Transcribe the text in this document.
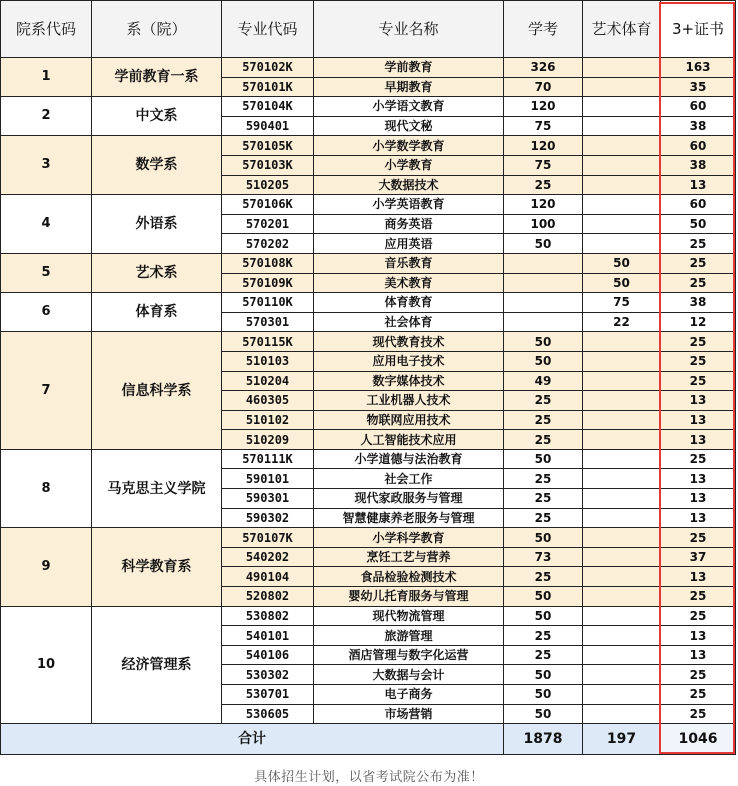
院系代码	系（院）	专业代码	专业名称	学考	艺术体育	3+证书
1	学前教育一系	570102K	学前教育	326		163
		570101K	早期教育	70		35
2	中文系	570104K	小学语文教育	120		60
		590401	现代文秘	75		38
3	数学系	570105K	小学数学教育	120		60
		570103K	小学教育	75		38
		510205	大数据技术	25		13
4	外语系	570106K	小学英语教育	120		60
		570201	商务英语	100		50
		570202	应用英语	50		25
5	艺术系	570108K	音乐教育		50	25
		570109K	美术教育		50	25
6	体育系	570110K	体育教育		75	38
		570301	社会体育		22	12
7	信息科学系	570115K	现代教育技术	50		25
		510103	应用电子技术	50		25
		510204	数字媒体技术	49		25
		460305	工业机器人技术	25		13
		510102	物联网应用技术	25		13
		510209	人工智能技术应用	25		13
8	马克思主义学院	570111K	小学道德与法治教育	50		25
		590101	社会工作	25		13
		590301	现代家政服务与管理	25		13
		590302	智慧健康养老服务与管理	25		13
9	科学教育系	570107K	小学科学教育	50		25
		540202	烹饪工艺与营养	73		37
		490104	食品检验检测技术	25		13
		520802	婴幼儿托育服务与管理	50		25
10	经济管理系	530802	现代物流管理	50		25
		540101	旅游管理	25		13
		540106	酒店管理与数字化运营	25		13
		530302	大数据与会计	50		25
		530701	电子商务	50		25
		530605	市场营销	50		25
合计				1878	197	1046
具体招生计划，以省考试院公布为准！
